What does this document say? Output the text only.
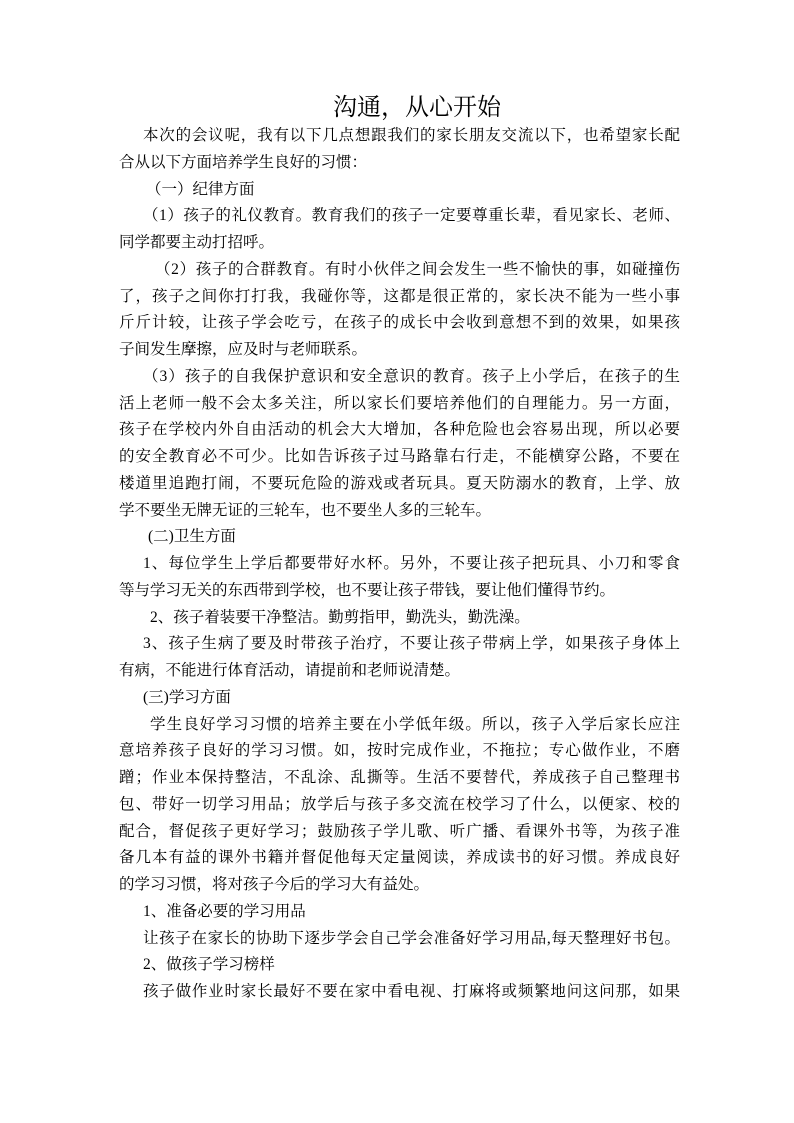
沟通，从心开始
本次的会议呢，我有以下几点想跟我们的家长朋友交流以下，也希望家长配
合从以下方面培养学生良好的习惯：
（一）纪律方面
（1）孩子的礼仪教育。教育我们的孩子一定要尊重长辈，看见家长、老师、
同学都要主动打招呼。
（2）孩子的合群教育。有时小伙伴之间会发生一些不愉快的事，如碰撞伤
了，孩子之间你打打我，我碰你等，这都是很正常的，家长决不能为一些小事
斤斤计较，让孩子学会吃亏，在孩子的成长中会收到意想不到的效果，如果孩
子间发生摩擦，应及时与老师联系。
（3）孩子的自我保护意识和安全意识的教育。孩子上小学后，在孩子的生
活上老师一般不会太多关注，所以家长们要培养他们的自理能力。另一方面，
孩子在学校内外自由活动的机会大大增加，各种危险也会容易出现，所以必要
的安全教育必不可少。比如告诉孩子过马路靠右行走，不能横穿公路，不要在
楼道里追跑打闹，不要玩危险的游戏或者玩具。夏天防溺水的教育，上学、放
学不要坐无牌无证的三轮车，也不要坐人多的三轮车。
(二)卫生方面
1、每位学生上学后都要带好水杯。另外，不要让孩子把玩具、小刀和零食
等与学习无关的东西带到学校，也不要让孩子带钱，要让他们懂得节约。
2、孩子着装要干净整洁。勤剪指甲，勤洗头，勤洗澡。
3、孩子生病了要及时带孩子治疗，不要让孩子带病上学，如果孩子身体上
有病，不能进行体育活动，请提前和老师说清楚。
(三)学习方面
学生良好学习习惯的培养主要在小学低年级。所以，孩子入学后家长应注
意培养孩子良好的学习习惯。如，按时完成作业，不拖拉；专心做作业，不磨
蹭；作业本保持整洁，不乱涂、乱撕等。生活不要替代，养成孩子自己整理书
包、带好一切学习用品；放学后与孩子多交流在校学习了什么，以便家、校的
配合，督促孩子更好学习；鼓励孩子学儿歌、听广播、看课外书等，为孩子准
备几本有益的课外书籍并督促他每天定量阅读，养成读书的好习惯。养成良好
的学习习惯，将对孩子今后的学习大有益处。
1、准备必要的学习用品
让孩子在家长的协助下逐步学会自己学会准备好学习用品,每天整理好书包。
2、做孩子学习榜样
孩子做作业时家长最好不要在家中看电视、打麻将或频繁地问这问那，如果
